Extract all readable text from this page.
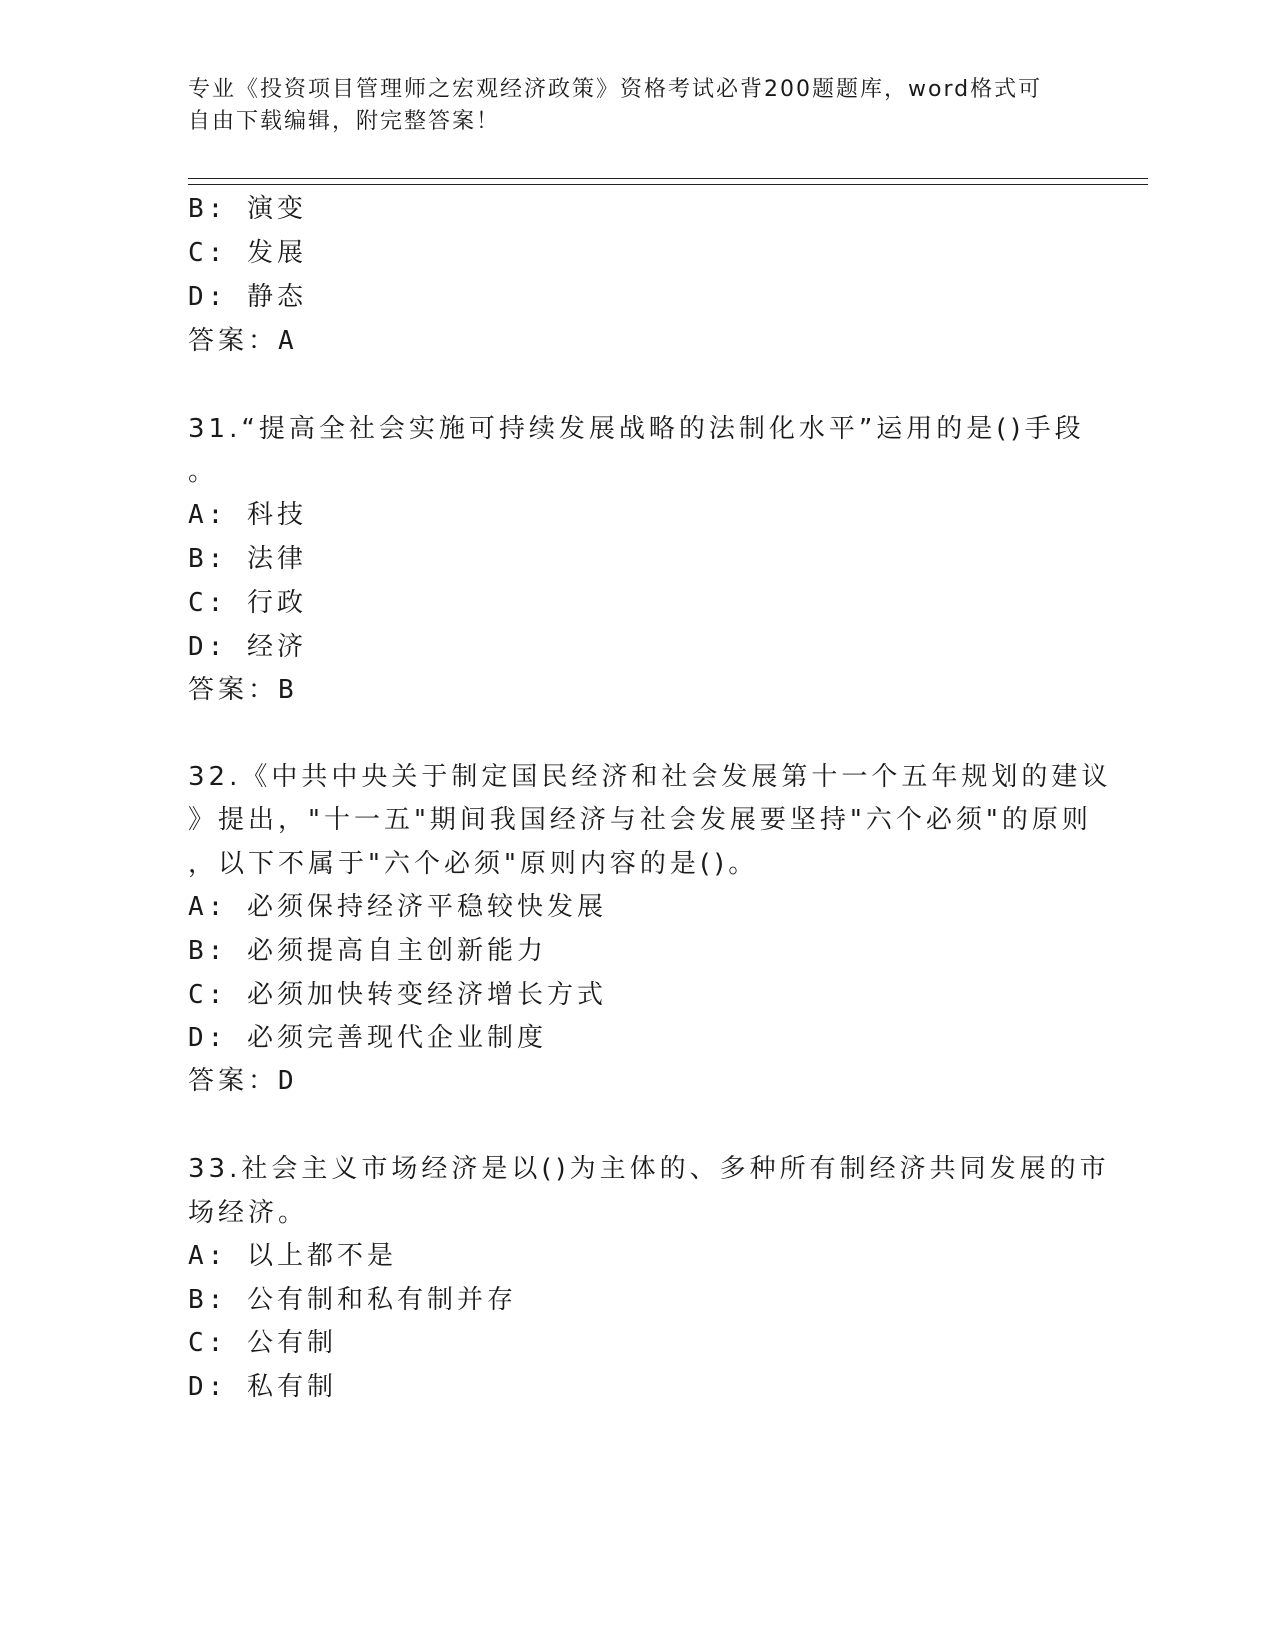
专业《投资项目管理师之宏观经济政策》资格考试必背200题题库，word格式可
自由下载编辑，附完整答案！
B: 演变
C: 发展
D: 静态
答案：A
31.“提高全社会实施可持续发展战略的法制化水平”运用的是()手段
。
A: 科技
B: 法律
C: 行政
D: 经济
答案：B
32.《中共中央关于制定国民经济和社会发展第十一个五年规划的建议
》提出，"十一五"期间我国经济与社会发展要坚持"六个必须"的原则
，以下不属于"六个必须"原则内容的是()。
A: 必须保持经济平稳较快发展
B: 必须提高自主创新能力
C: 必须加快转变经济增长方式
D: 必须完善现代企业制度
答案：D
33.社会主义市场经济是以()为主体的、多种所有制经济共同发展的市
场经济。
A: 以上都不是
B: 公有制和私有制并存
C: 公有制
D: 私有制
